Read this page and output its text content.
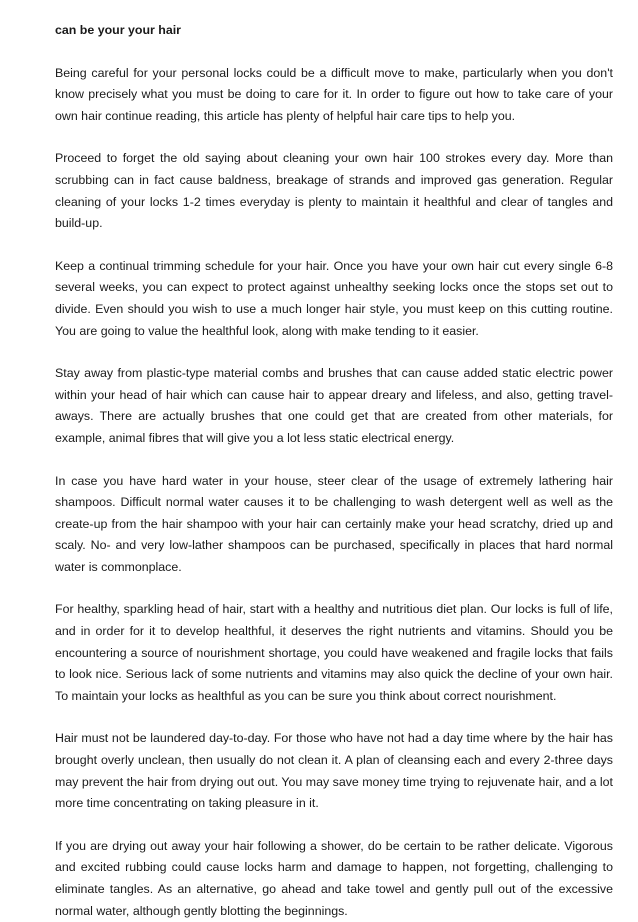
can be your your hair

Being careful for your personal locks could be a difficult move to make, particularly when you don't know precisely what you must be doing to care for it. In order to figure out how to take care of your own hair continue reading, this article has plenty of helpful hair care tips to help you.

Proceed to forget the old saying about cleaning your own hair 100 strokes every day. More than scrubbing can in fact cause baldness, breakage of strands and improved gas generation. Regular cleaning of your locks 1-2 times everyday is plenty to maintain it healthful and clear of tangles and build-up.

Keep a continual trimming schedule for your hair. Once you have your own hair cut every single 6-8 several weeks, you can expect to protect against unhealthy seeking locks once the stops set out to divide. Even should you wish to use a much longer hair style, you must keep on this cutting routine. You are going to value the healthful look, along with make tending to it easier.

Stay away from plastic-type material combs and brushes that can cause added static electric power within your head of hair which can cause hair to appear dreary and lifeless, and also, getting travel-aways. There are actually brushes that one could get that are created from other materials, for example, animal fibres that will give you a lot less static electrical energy.

In case you have hard water in your house, steer clear of the usage of extremely lathering hair shampoos. Difficult normal water causes it to be challenging to wash detergent well as well as the create-up from the hair shampoo with your hair can certainly make your head scratchy, dried up and scaly. No- and very low-lather shampoos can be purchased, specifically in places that hard normal water is commonplace.

For healthy, sparkling head of hair, start with a healthy and nutritious diet plan. Our locks is full of life, and in order for it to develop healthful, it deserves the right nutrients and vitamins. Should you be encountering a source of nourishment shortage, you could have weakened and fragile locks that fails to look nice. Serious lack of some nutrients and vitamins may also quick the decline of your own hair. To maintain your locks as healthful as you can be sure you think about correct nourishment.

Hair must not be laundered day-to-day. For those who have not had a day time where by the hair has brought overly unclean, then usually do not clean it. A plan of cleansing each and every 2-three days may prevent the hair from drying out out. You may save money time trying to rejuvenate hair, and a lot more time concentrating on taking pleasure in it.

If you are drying out away your hair following a shower, do be certain to be rather delicate. Vigorous and excited rubbing could cause locks harm and damage to happen, not forgetting, challenging to eliminate tangles. As an alternative, go ahead and take towel and gently pull out of the excessive normal water, although gently blotting the beginnings.
